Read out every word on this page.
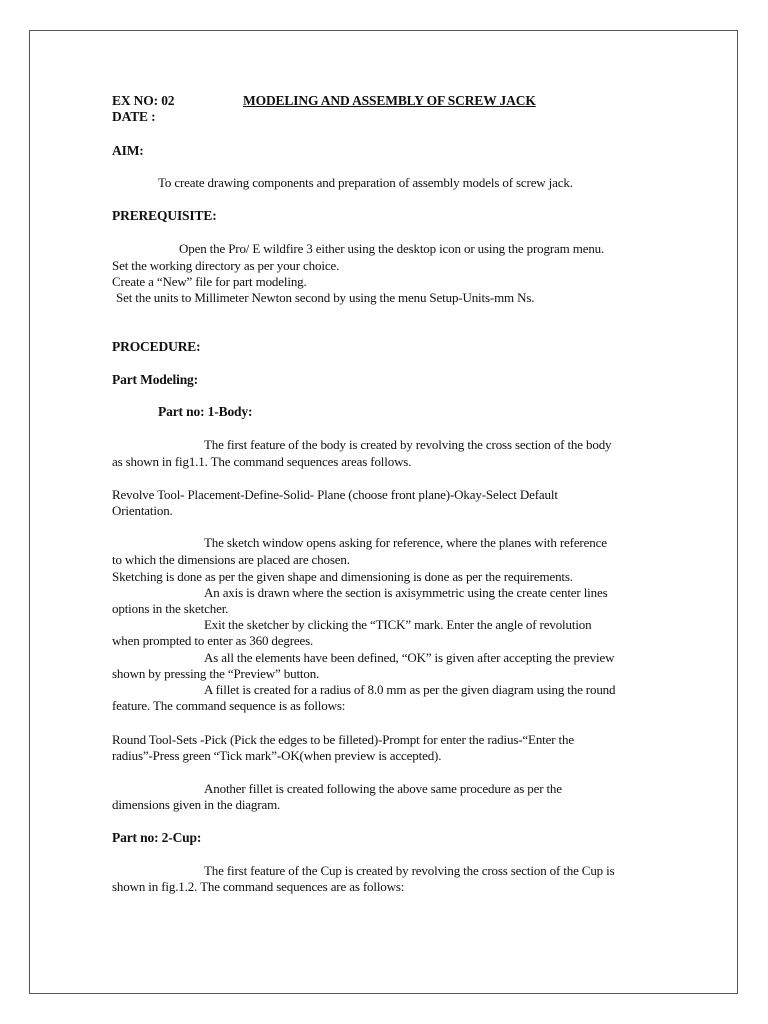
EX NO: 02	MODELING AND ASSEMBLY OF SCREW JACK
DATE :
AIM:
To create drawing components and preparation of assembly models of screw jack.
PREREQUISITE:
Open the Pro/ E wildfire 3 either using the desktop icon or using the program menu.
Set the working directory as per your choice.
Create a “New” file for part modeling.
Set the units to Millimeter Newton second by using the menu Setup-Units-mm Ns.
PROCEDURE:
Part Modeling:
Part no: 1-Body:
The first feature of the body is created by revolving the cross section of the body
as shown in fig1.1. The command sequences areas follows.
Revolve Tool- Placement-Define-Solid- Plane (choose front plane)-Okay-Select Default
Orientation.
The sketch window opens asking for reference, where the planes with reference
to which the dimensions are placed are chosen.
Sketching is done as per the given shape and dimensioning is done as per the requirements.
An axis is drawn where the section is axisymmetric using the create center lines
options in the sketcher.
Exit the sketcher by clicking the “TICK” mark. Enter the angle of revolution
when prompted to enter as 360 degrees.
As all the elements have been defined, “OK” is given after accepting the preview
shown by pressing the “Preview” button.
A fillet is created for a radius of 8.0 mm as per the given diagram using the round
feature. The command sequence is as follows:
Round Tool-Sets -Pick (Pick the edges to be filleted)-Prompt for enter the radius-“Enter the
radius”-Press green “Tick mark”-OK(when preview is accepted).
Another fillet is created following the above same procedure as per the
dimensions given in the diagram.
Part no: 2-Cup:
The first feature of the Cup is created by revolving the cross section of the Cup is
shown in fig.1.2. The command sequences are as follows:
